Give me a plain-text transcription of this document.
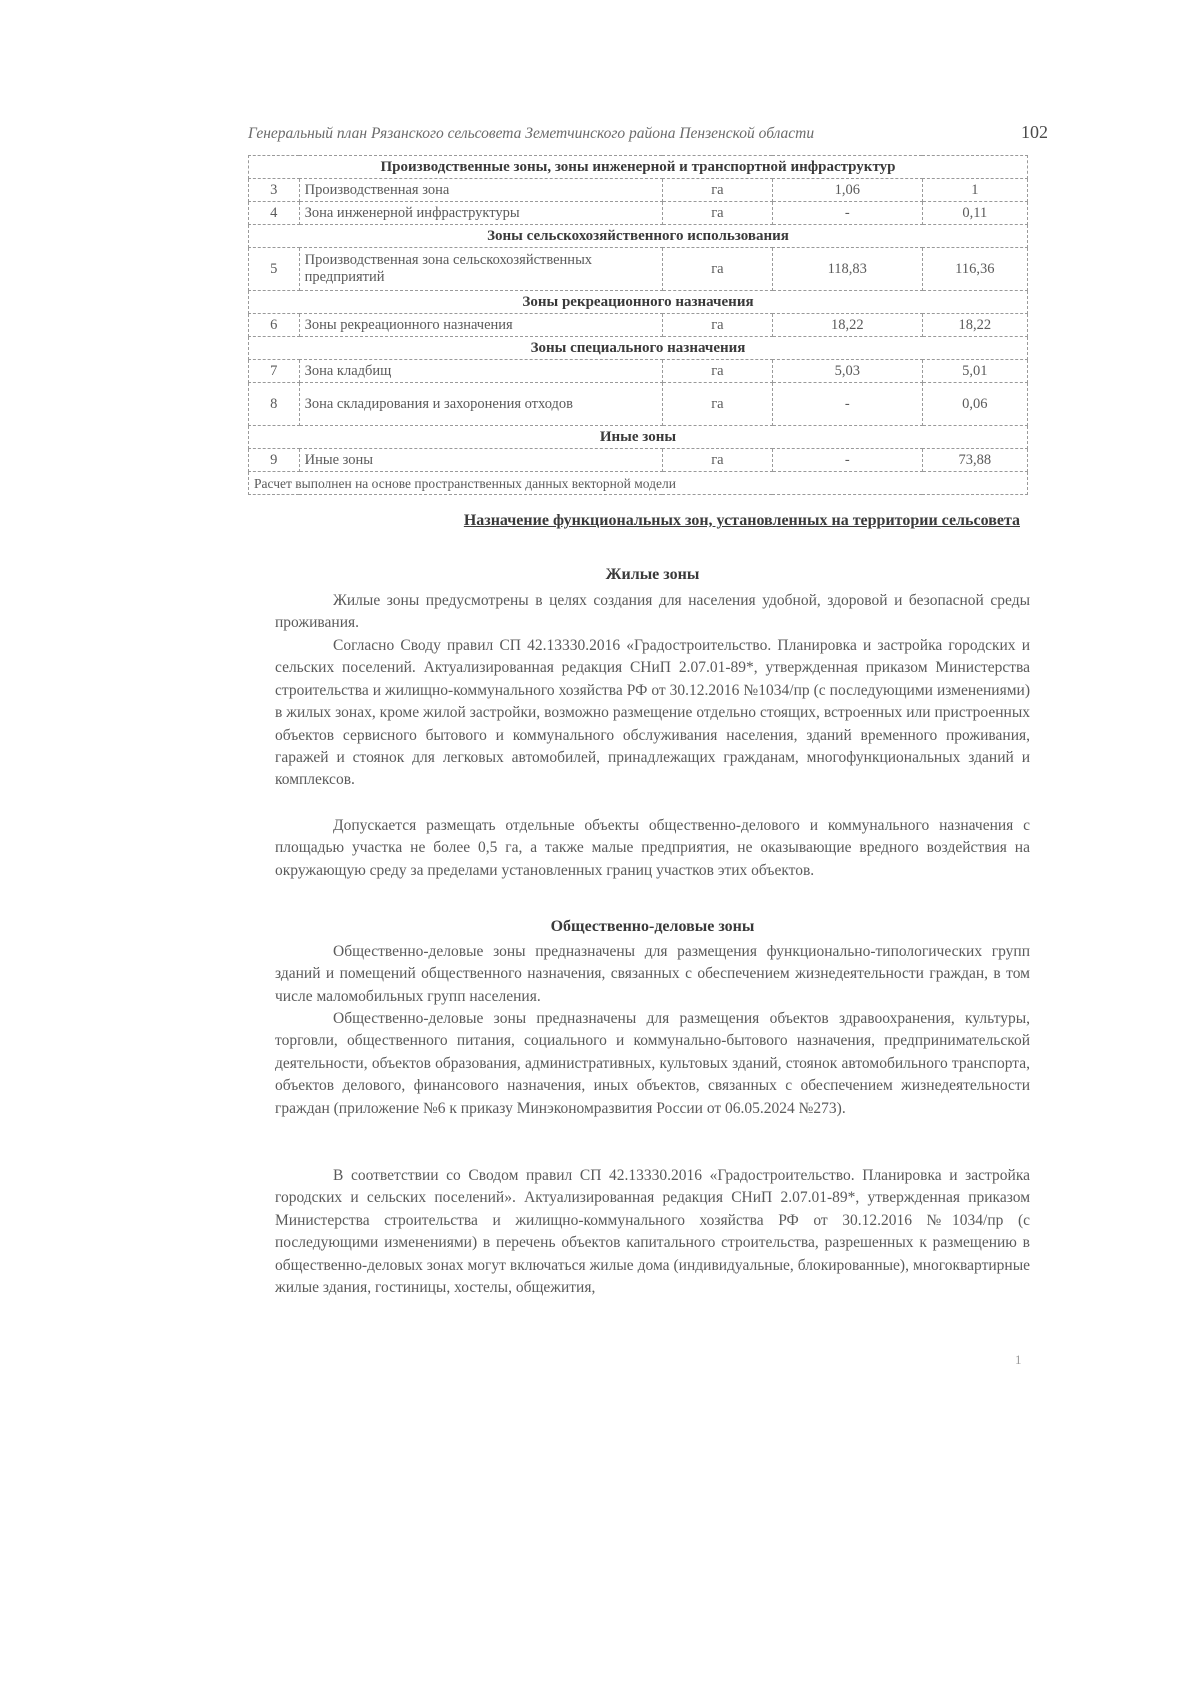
Генеральный план Рязанского сельсовета Земетчинского района Пензенской области	102
Производственные зоны, зоны инженерной и транспортной инфраструктур				
3	Производственная зона	га	1,06	1
4	Зона инженерной инфраструктуры	га	-	0,11
Зоны сельскохозяйственного использования				
5	Производственная зона сельскохозяйственных предприятий	га	118,83	116,36
Зоны рекреационного назначения				
6	Зоны рекреационного назначения	га	18,22	18,22
Зоны специального назначения				
7	Зона кладбищ	га	5,03	5,01
8	Зона складирования и захоронения отходов	га	-	0,06
Иные зоны				
9	Иные зоны	га	-	73,88
Расчет выполнен на основе пространственных данных векторной модели				
Назначение функциональных зон, установленных на территории сельсовета
Жилые зоны
Жилые зоны предусмотрены в целях создания для населения удобной, здоровой и безопасной среды проживания.
Согласно Своду правил СП 42.13330.2016 «Градостроительство. Планировка и застройка городских и сельских поселений. Актуализированная редакция СНиП 2.07.01-89*, утвержденная приказом Министерства строительства и жилищно-коммунального хозяйства РФ от 30.12.2016 №1034/пр (с последующими изменениями) в жилых зонах, кроме жилой застройки, возможно размещение отдельно стоящих, встроенных или пристроенных объектов сервисного бытового и коммунального обслуживания населения, зданий временного проживания, гаражей и стоянок для легковых автомобилей, принадлежащих гражданам, многофункциональных зданий и комплексов.
Допускается размещать отдельные объекты общественно-делового и коммунального назначения с площадью участка не более 0,5 га, а также малые предприятия, не оказывающие вредного воздействия на окружающую среду за пределами установленных границ участков этих объектов.
Общественно-деловые зоны
Общественно-деловые зоны предназначены для размещения функционально-типологических групп зданий и помещений общественного назначения, связанных с обеспечением жизнедеятельности граждан, в том числе маломобильных групп населения.
Общественно-деловые зоны предназначены для размещения объектов здравоохранения, культуры, торговли, общественного питания, социального и коммунально-бытового назначения, предпринимательской деятельности, объектов образования, административных, культовых зданий, стоянок автомобильного транспорта, объектов делового, финансового назначения, иных объектов, связанных с обеспечением жизнедеятельности граждан (приложение №6 к приказу Минэкономразвития России от 06.05.2024 №273).
В соответствии со Сводом правил СП 42.13330.2016 «Градостроительство. Планировка и застройка городских и сельских поселений». Актуализированная редакция СНиП 2.07.01-89*, утвержденная приказом Министерства строительства и жилищно-коммунального хозяйства РФ от 30.12.2016 №1034/пр (с последующими изменениями) в перечень объектов капитального строительства, разрешенных к размещению в общественно-деловых зонах могут включаться жилые дома (индивидуальные, блокированные), многоквартирные жилые здания, гостиницы, хостелы, общежития,
1
